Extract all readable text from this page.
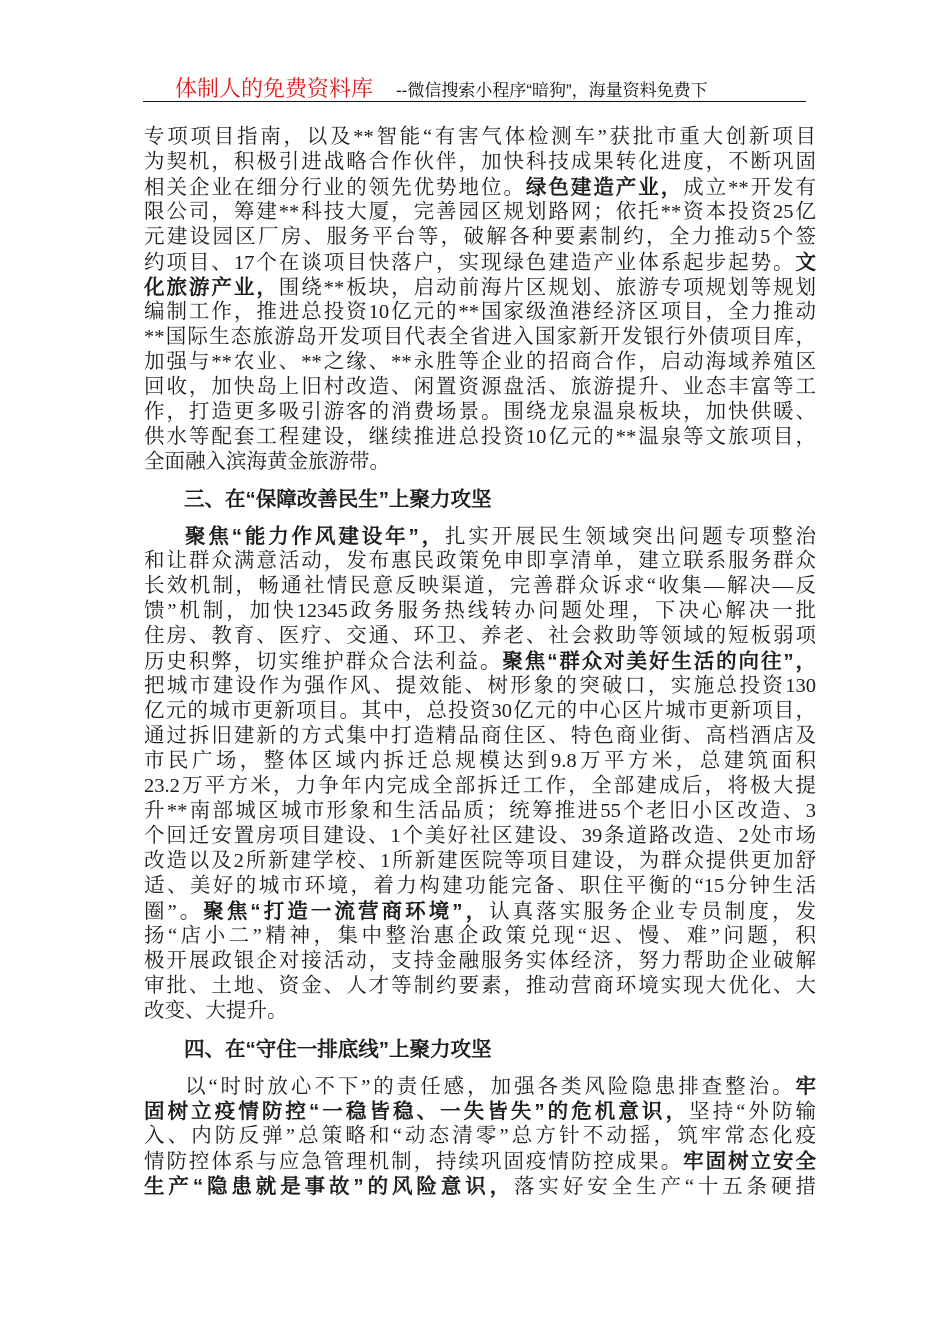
体制人的免费资料库 --微信搜索小程序“暗狗”，海量资料免费下
专项项目指南，以及**智能“有害气体检测车”获批市重大创新项目
为契机，积极引进战略合作伙伴，加快科技成果转化进度，不断巩固
相关企业在细分行业的领先优势地位。绿色建造产业，成立**开发有
限公司，筹建**科技大厦，完善园区规划路网；依托**资本投资25亿
元建设园区厂房、服务平台等，破解各种要素制约，全力推动5个签
约项目、17个在谈项目快落户，实现绿色建造产业体系起步起势。文
化旅游产业，围绕**板块，启动前海片区规划、旅游专项规划等规划
编制工作，推进总投资10亿元的**国家级渔港经济区项目，全力推动
**国际生态旅游岛开发项目代表全省进入国家新开发银行外债项目库，
加强与**农业、**之缘、**永胜等企业的招商合作，启动海域养殖区
回收，加快岛上旧村改造、闲置资源盘活、旅游提升、业态丰富等工
作，打造更多吸引游客的消费场景。围绕龙泉温泉板块，加快供暖、
供水等配套工程建设，继续推进总投资10亿元的**温泉等文旅项目，
全面融入滨海黄金旅游带。
三、在“保障改善民生”上聚力攻坚
聚焦“能力作风建设年”，扎实开展民生领域突出问题专项整治
和让群众满意活动，发布惠民政策免申即享清单，建立联系服务群众
长效机制，畅通社情民意反映渠道，完善群众诉求“收集—解决—反
馈”机制，加快12345政务服务热线转办问题处理，下决心解决一批
住房、教育、医疗、交通、环卫、养老、社会救助等领域的短板弱项
历史积弊，切实维护群众合法利益。聚焦“群众对美好生活的向往”，
把城市建设作为强作风、提效能、树形象的突破口，实施总投资130
亿元的城市更新项目。其中，总投资30亿元的中心区片城市更新项目，
通过拆旧建新的方式集中打造精品商住区、特色商业街、高档酒店及
市民广场，整体区域内拆迁总规模达到9.8万平方米，总建筑面积
23.2万平方米，力争年内完成全部拆迁工作，全部建成后，将极大提
升**南部城区城市形象和生活品质；统筹推进55个老旧小区改造、3
个回迁安置房项目建设、1个美好社区建设、39条道路改造、2处市场
改造以及2所新建学校、1所新建医院等项目建设，为群众提供更加舒
适、美好的城市环境，着力构建功能完备、职住平衡的“15分钟生活
圈”。聚焦“打造一流营商环境”，认真落实服务企业专员制度，发
扬“店小二”精神，集中整治惠企政策兑现“迟、慢、难”问题，积
极开展政银企对接活动，支持金融服务实体经济，努力帮助企业破解
审批、土地、资金、人才等制约要素，推动营商环境实现大优化、大
改变、大提升。
四、在“守住一排底线”上聚力攻坚
以“时时放心不下”的责任感，加强各类风险隐患排查整治。牢
固树立疫情防控“一稳皆稳、一失皆失”的危机意识，坚持“外防输
入、内防反弹”总策略和“动态清零”总方针不动摇，筑牢常态化疫
情防控体系与应急管理机制，持续巩固疫情防控成果。牢固树立安全
生产“隐患就是事故”的风险意识，落实好安全生产“十五条硬措
